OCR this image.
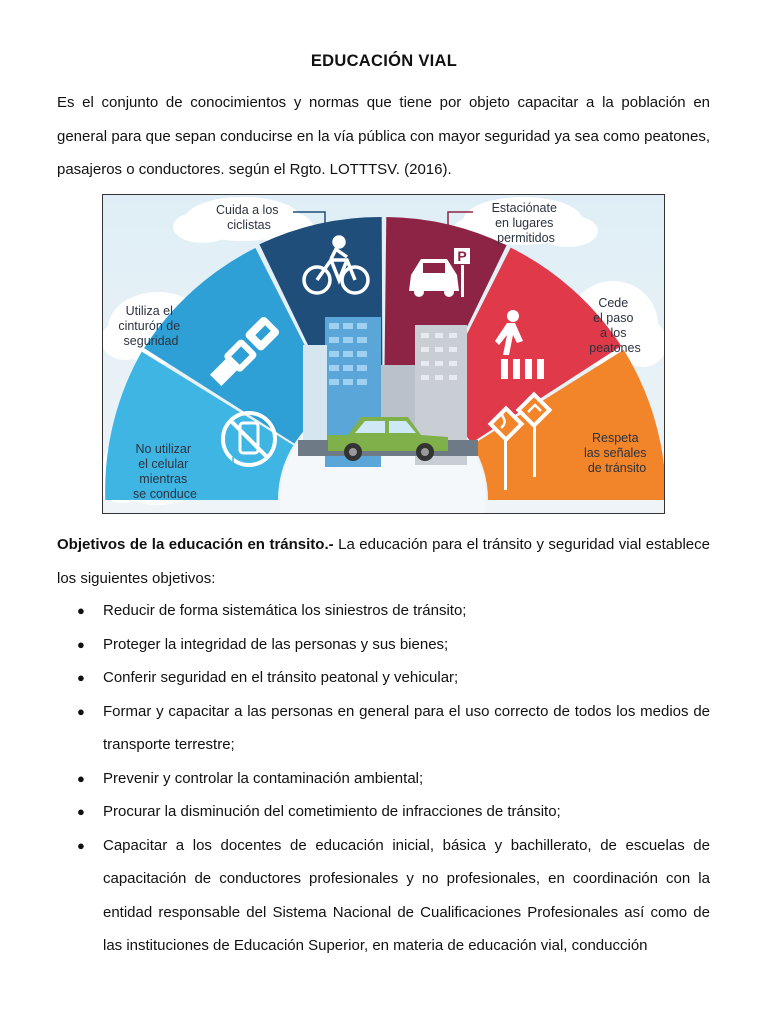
EDUCACIÓN VIAL
Es el conjunto de conocimientos y normas que tiene por objeto capacitar a la población en general para que sepan conducirse en la vía pública con mayor seguridad ya sea como peatones, pasajeros o conductores. según el Rgto. LOTTTSV. (2016).
P
Cuida a los ciclistas
Estaciónate en lugares permitidos
Utiliza el cinturón de seguridad
Cede el paso a los peatones
No utilizar el celular mientras se conduce
Respeta las señales de tránsito
Objetivos de la educación en tránsito.- La educación para el tránsito y seguridad vial establece los siguientes objetivos:
● Reducir de forma sistemática los siniestros de tránsito;
● Proteger la integridad de las personas y sus bienes;
● Conferir seguridad en el tránsito peatonal y vehicular;
● Formar y capacitar a las personas en general para el uso correcto de todos los medios de transporte terrestre;
● Prevenir y controlar la contaminación ambiental;
● Procurar la disminución del cometimiento de infracciones de tránsito;
● Capacitar a los docentes de educación inicial, básica y bachillerato, de escuelas de capacitación de conductores profesionales y no profesionales, en coordinación con la entidad responsable del Sistema Nacional de Cualificaciones Profesionales así como de las instituciones de Educación Superior, en materia de educación vial, conducción
